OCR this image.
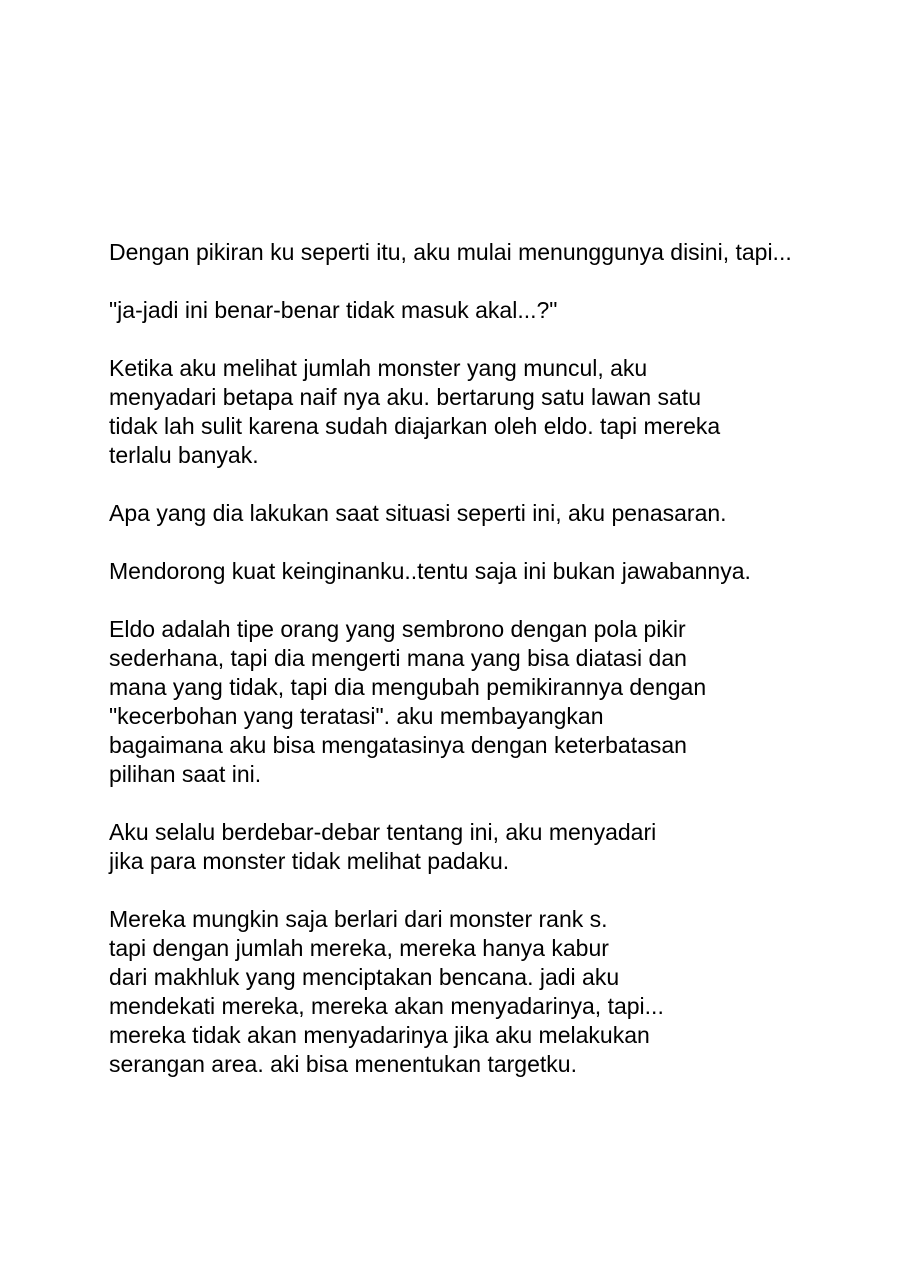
Dengan pikiran ku seperti itu, aku mulai menunggunya disini, tapi...

"ja-jadi ini benar-benar tidak masuk akal...?"

Ketika aku melihat jumlah monster yang muncul, aku
menyadari betapa naif nya aku. bertarung satu lawan satu
tidak lah sulit karena sudah diajarkan oleh eldo. tapi mereka
terlalu banyak.

Apa yang dia lakukan saat situasi seperti ini, aku penasaran.

Mendorong kuat keinginanku..tentu saja ini bukan jawabannya.

Eldo adalah tipe orang yang sembrono dengan pola pikir
sederhana, tapi dia mengerti mana yang bisa diatasi dan
mana yang tidak, tapi dia mengubah pemikirannya dengan
"kecerbohan yang teratasi". aku membayangkan
bagaimana aku bisa mengatasinya dengan keterbatasan
pilihan saat ini.

Aku selalu berdebar-debar tentang ini, aku menyadari
jika para monster tidak melihat padaku.

Mereka mungkin saja berlari dari monster rank s.
tapi dengan jumlah mereka, mereka hanya kabur
dari makhluk yang menciptakan bencana. jadi aku
mendekati mereka, mereka akan menyadarinya, tapi...
mereka tidak akan menyadarinya jika aku melakukan
serangan area. aki bisa menentukan targetku.
